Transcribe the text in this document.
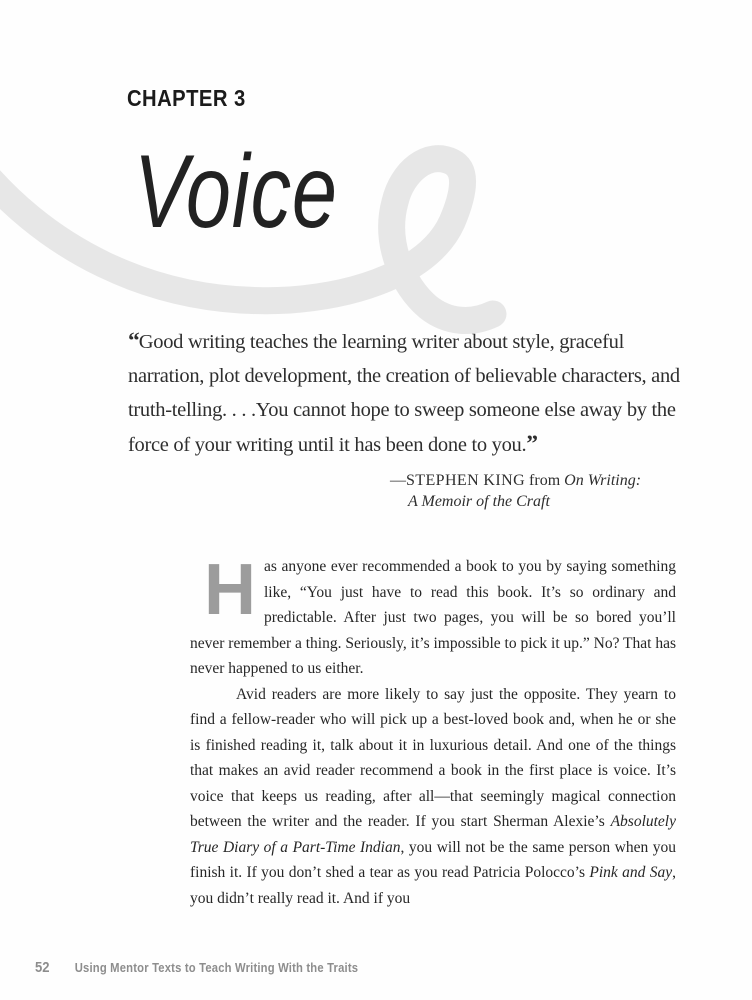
CHAPTER 3
Voice

“Good writing teaches the learning writer about style, graceful narration, plot development, the creation of believable characters, and truth-telling. . . .You cannot hope to sweep someone else away by the force of your writing until it has been done to you.”

—STEPHEN KING from On Writing:
A Memoir of the Craft

Has anyone ever recommended a book to you by saying something like, “You just have to read this book. It’s so ordinary and predictable. After just two pages, you will be so bored you’ll never remember a thing. Seriously, it’s impossible to pick it up.” No? That has never happened to us either.

Avid readers are more likely to say just the opposite. They yearn to find a fellow-reader who will pick up a best-loved book and, when he or she is finished reading it, talk about it in luxurious detail. And one of the things that makes an avid reader recommend a book in the first place is voice. It’s voice that keeps us reading, after all—that seemingly magical connection between the writer and the reader. If you start Sherman Alexie’s Absolutely True Diary of a Part-Time Indian, you will not be the same person when you finish it. If you don’t shed a tear as you read Patricia Polocco’s Pink and Say, you didn’t really read it. And if you

52 Using Mentor Texts to Teach Writing With the Traits
